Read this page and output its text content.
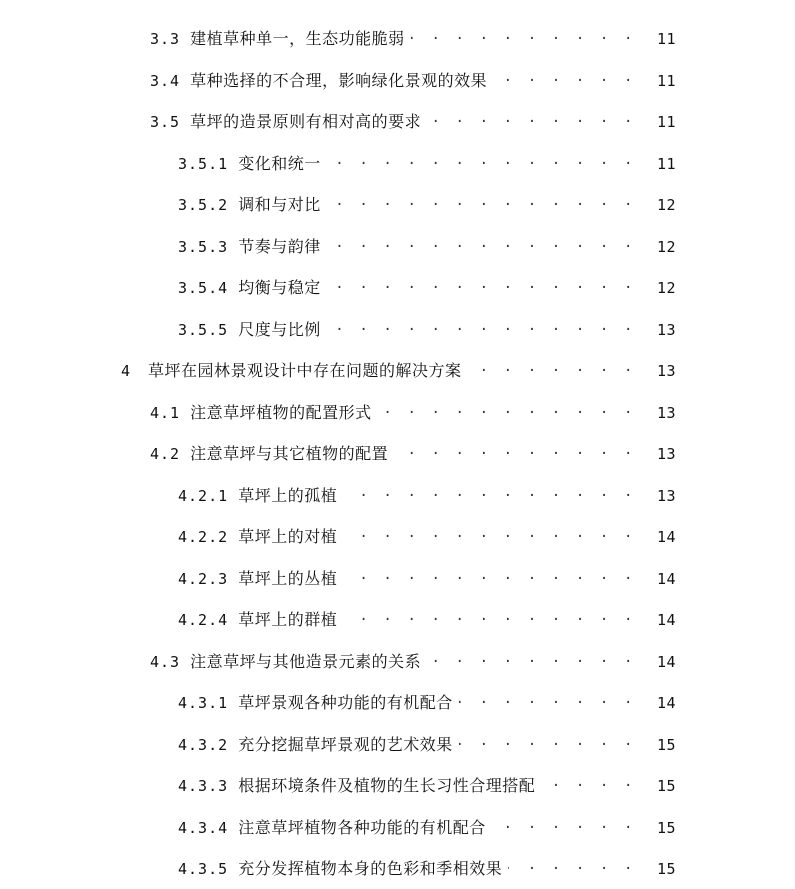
3.3 建植草种单一，生态功能脆弱 . . .	11
3.4 草种选择的不合理，影响绿化景观的效果 . . .	11
3.5 草坪的造景原则有相对高的要求 . . .	11
3.5.1 变化和统一 . . .	11
3.5.2 调和与对比 . . .	12
3.5.3 节奏与韵律 . . .	12
3.5.4 均衡与稳定 . . .	12
3.5.5 尺度与比例 . . .	13
4	草坪在园林景观设计中存在问题的解决方案 . . .	13
4.1 注意草坪植物的配置形式 . . .	13
4.2 注意草坪与其它植物的配置 . . .	13
4.2.1 草坪上的孤植 . . .	13
4.2.2 草坪上的对植 . . .	14
4.2.3 草坪上的丛植 . . .	14
4.2.4 草坪上的群植 . . .	14
4.3 注意草坪与其他造景元素的关系 . . .	14
4.3.1 草坪景观各种功能的有机配合 . . .	14
4.3.2 充分挖掘草坪景观的艺术效果 . . .	15
4.3.3 根据环境条件及植物的生长习性合理搭配 . . .	15
4.3.4 注意草坪植物各种功能的有机配合 . . .	15
4.3.5 充分发挥植物本身的色彩和季相效果 . . .	15
